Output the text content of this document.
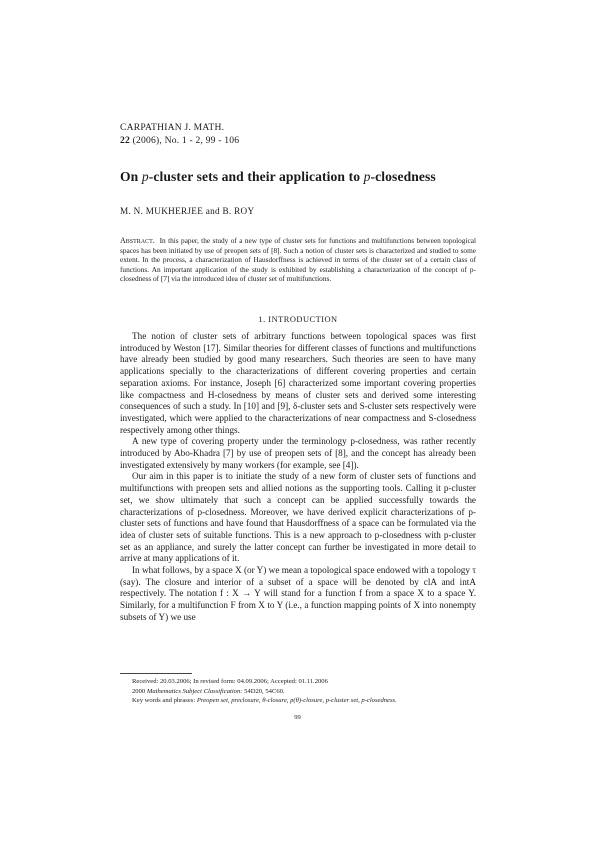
CARPATHIAN J. MATH.
22 (2006), No. 1 - 2, 99 - 106
On p-cluster sets and their application to p-closedness
M. N. MUKHERJEE and B. ROY
Abstract. In this paper, the study of a new type of cluster sets for functions and multifunctions between topological spaces has been initiated by use of preopen sets of [8]. Such a notion of cluster sets is characterized and studied to some extent. In the process, a characterization of Hausdorffness is achieved in terms of the cluster set of a certain class of functions. An important application of the study is exhibited by establishing a characterization of the concept of p-closedness of [7] via the introduced idea of cluster set of multifunctions.
1. INTRODUCTION

The notion of cluster sets of arbitrary functions between topological spaces was first introduced by Weston [17]. Similar theories for different classes of functions and multifunctions have already been studied by good many researchers. Such theories are seen to have many applications specially to the characterizations of different covering properties and certain separation axioms. For instance, Joseph [6] characterized some important covering properties like compactness and H-closedness by means of cluster sets and derived some interesting consequences of such a study. In [10] and [9], δ-cluster sets and S-cluster sets respectively were investigated, which were applied to the characterizations of near compactness and S-closedness respectively among other things.

A new type of covering property under the terminology p-closedness, was rather recently introduced by Abo-Khadra [7] by use of preopen sets of [8], and the concept has already been investigated extensively by many workers (for example, see [4]).

Our aim in this paper is to initiate the study of a new form of cluster sets of functions and multifunctions with preopen sets and allied notions as the supporting tools. Calling it p-cluster set, we show ultimately that such a concept can be applied successfully towards the characterizations of p-closedness. Moreover, we have derived explicit characterizations of p-cluster sets of functions and have found that Hausdorffness of a space can be formulated via the idea of cluster sets of suitable functions. This is a new approach to p-closedness with p-cluster set as an appliance, and surely the latter concept can further be investigated in more detail to arrive at many applications of it.

In what follows, by a space X (or Y) we mean a topological space endowed with a topology τ (say). The closure and interior of a subset of a space will be denoted by clA and intA respectively. The notation f : X → Y will stand for a function f from a space X to a space Y. Similarly, for a multifunction F from X to Y (i.e., a function mapping points of X into nonempty subsets of Y) we use

Received: 20.03.2006; In revised form: 04.09.2006; Accepted: 01.11.2006
2000 Mathematics Subject Classification: 54D20, 54C60.
Key words and phrases: Preopen set, preclosure, θ-closure, p(θ)-closure, p-cluster set, p-closedness.
99
